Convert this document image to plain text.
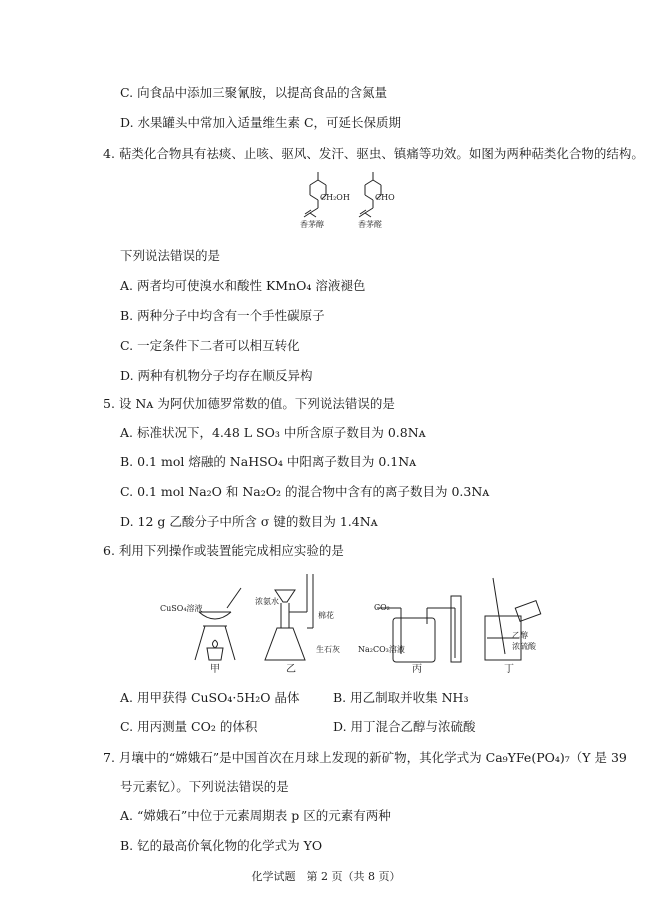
C. 向食品中添加三聚氰胺，以提高食品的含氮量
D. 水果罐头中常加入适量维生素 C，可延长保质期
4. 萜类化合物具有祛痰、止咳、驱风、发汗、驱虫、镇痛等功效。如图为两种萜类化合物的结构。
CH₂OH	CHO
香茅醇	香茅醛
下列说法错误的是
A. 两者均可使溴水和酸性 KMnO₄ 溶液褪色
B. 两种分子中均含有一个手性碳原子
C. 一定条件下二者可以相互转化
D. 两种有机物分子均存在顺反异构
5. 设 Nᴀ 为阿伏加德罗常数的值。下列说法错误的是
A. 标准状况下，4.48 L SO₃ 中所含原子数目为 0.8Nᴀ
B. 0.1 mol 熔融的 NaHSO₄ 中阳离子数目为 0.1Nᴀ
C. 0.1 mol Na₂O 和 Na₂O₂ 的混合物中含有的离子数目为 0.3Nᴀ
D. 12 g 乙酸分子中所含 σ 键的数目为 1.4Nᴀ
6. 利用下列操作或装置能完成相应实验的是
CuSO₄溶液
浓氨水
棉花
生石灰
CO₂
Na₂CO₃溶液
乙醇
浓硫酸
甲	乙	丙	丁
A. 用甲获得 CuSO₄·5H₂O 晶体	B. 用乙制取并收集 NH₃
C. 用丙测量 CO₂ 的体积	D. 用丁混合乙醇与浓硫酸
7. 月壤中的“嫦娥石”是中国首次在月球上发现的新矿物，其化学式为 Ca₉YFe(PO₄)₇（Y 是 39
号元素钇）。下列说法错误的是
A. “嫦娥石”中位于元素周期表 p 区的元素有两种
B. 钇的最高价氧化物的化学式为 YO
化学试题　第 2 页（共 8 页）
